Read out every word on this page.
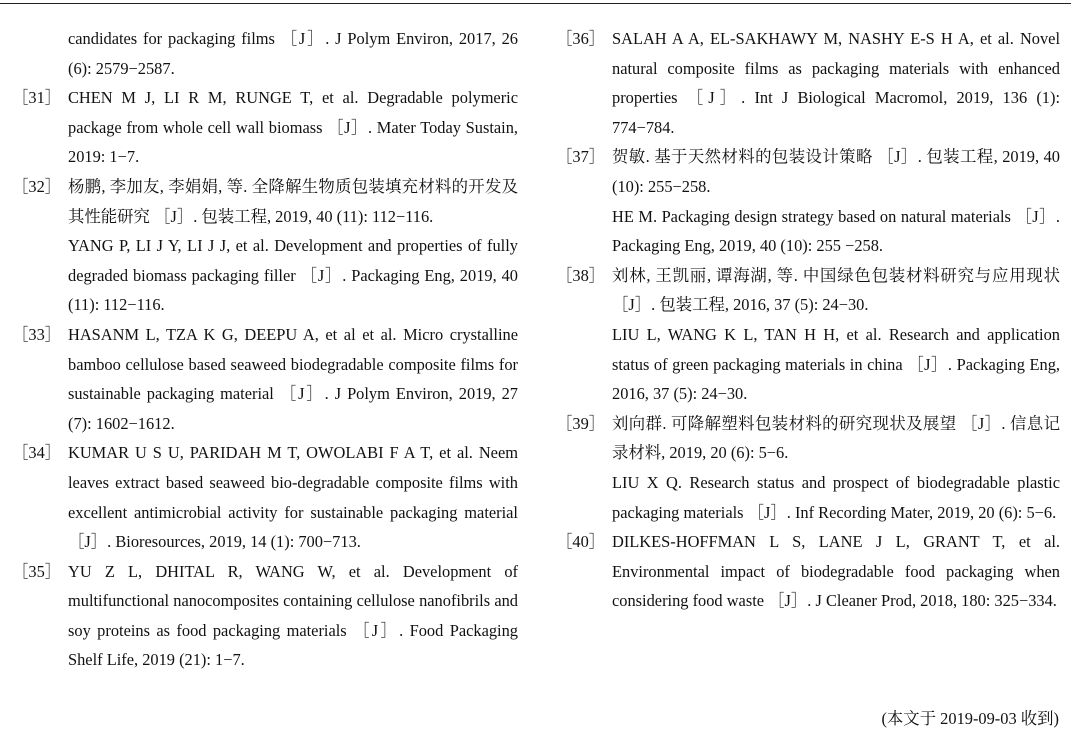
candidates for packaging films ［J］. J Polym Environ, 2017, 26 (6): 2579−2587.
［31］ CHEN M J, LI R M, RUNGE T, et al. Degradable polymeric package from whole cell wall biomass ［J］. Mater Today Sustain, 2019: 1−7.
［32］ 杨鹏, 李加友, 李娟娟, 等. 全降解生物质包装填充材料的开发及其性能研究 ［J］. 包装工程, 2019, 40 (11): 112−116.
YANG P, LI J Y, LI J J, et al. Development and properties of fully degraded biomass packaging filler ［J］. Packaging Eng, 2019, 40 (11): 112−116.
［33］ HASANM L, TZA K G, DEEPU A, et al et al. Micro crystalline bamboo cellulose based seaweed biodegradable composite films for sustainable packaging material ［J］. J Polym Environ, 2019, 27 (7): 1602−1612.
［34］ KUMAR U S U, PARIDAH M T, OWOLABI F A T, et al. Neem leaves extract based seaweed bio-degradable composite films with excellent antimicrobial activity for sustainable packaging material ［J］. Bioresources, 2019, 14 (1): 700−713.
［35］ YU Z L, DHITAL R, WANG W, et al. Development of multifunctional nanocomposites containing cellulose nanofibrils and soy proteins as food packaging materials ［J］. Food Packaging Shelf Life, 2019 (21): 1−7.
［36］ SALAH A A, EL-SAKHAWY M, NASHY E-S H A, et al. Novel natural composite films as packaging materials with enhanced properties ［J］. Int J Biological Macromol, 2019, 136 (1): 774−784.
［37］ 贺敏. 基于天然材料的包装设计策略 ［J］. 包装工程, 2019, 40 (10): 255−258.
HE M. Packaging design strategy based on natural materials ［J］. Packaging Eng, 2019, 40 (10): 255 −258.
［38］ 刘林, 王凯丽, 谭海湖, 等. 中国绿色包装材料研究与应用现状 ［J］. 包装工程, 2016, 37 (5): 24−30.
LIU L, WANG K L, TAN H H, et al. Research and application status of green packaging materials in china ［J］. Packaging Eng, 2016, 37 (5): 24−30.
［39］ 刘向群. 可降解塑料包装材料的研究现状及展望 ［J］. 信息记录材料, 2019, 20 (6): 5−6.
LIU X Q. Research status and prospect of biodegradable plastic packaging materials ［J］. Inf Recording Mater, 2019, 20 (6): 5−6.
［40］ DILKES-HOFFMAN L S, LANE J L, GRANT T, et al. Environmental impact of biodegradable food packaging when considering food waste ［J］. J Cleaner Prod, 2018, 180: 325−334.
(本文于 2019-09-03 收到)
